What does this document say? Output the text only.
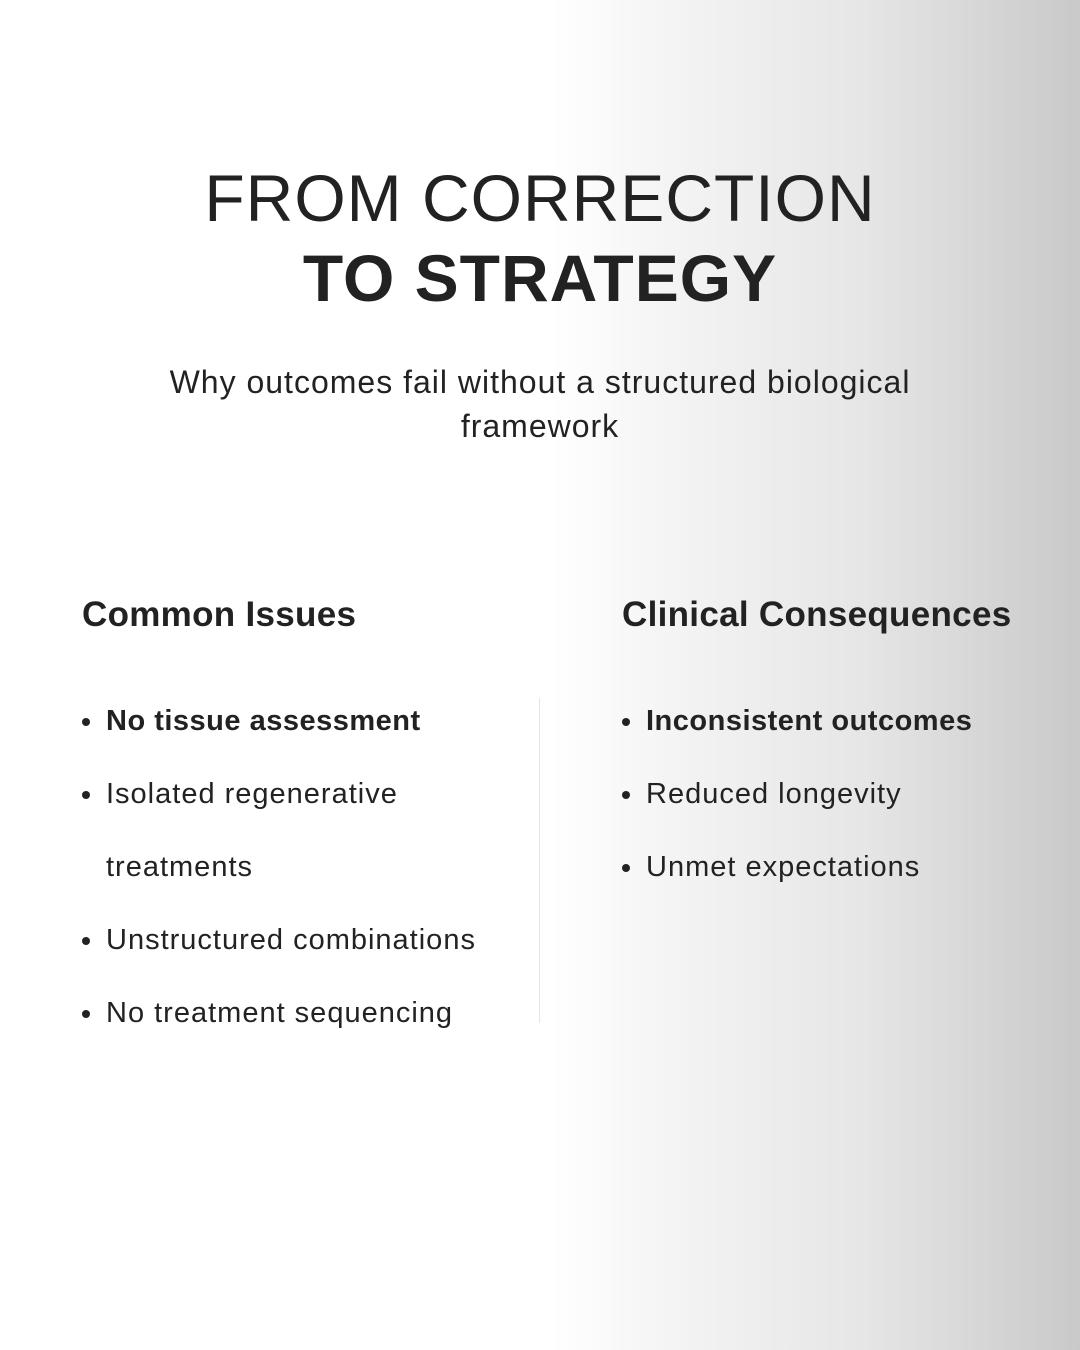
FROM CORRECTION
TO STRATEGY

Why outcomes fail without a structured biological framework

Common Issues
No tissue assessment
Isolated regenerative treatments
Unstructured combinations
No treatment sequencing
Clinical Consequences
Inconsistent outcomes
Reduced longevity
Unmet expectations
